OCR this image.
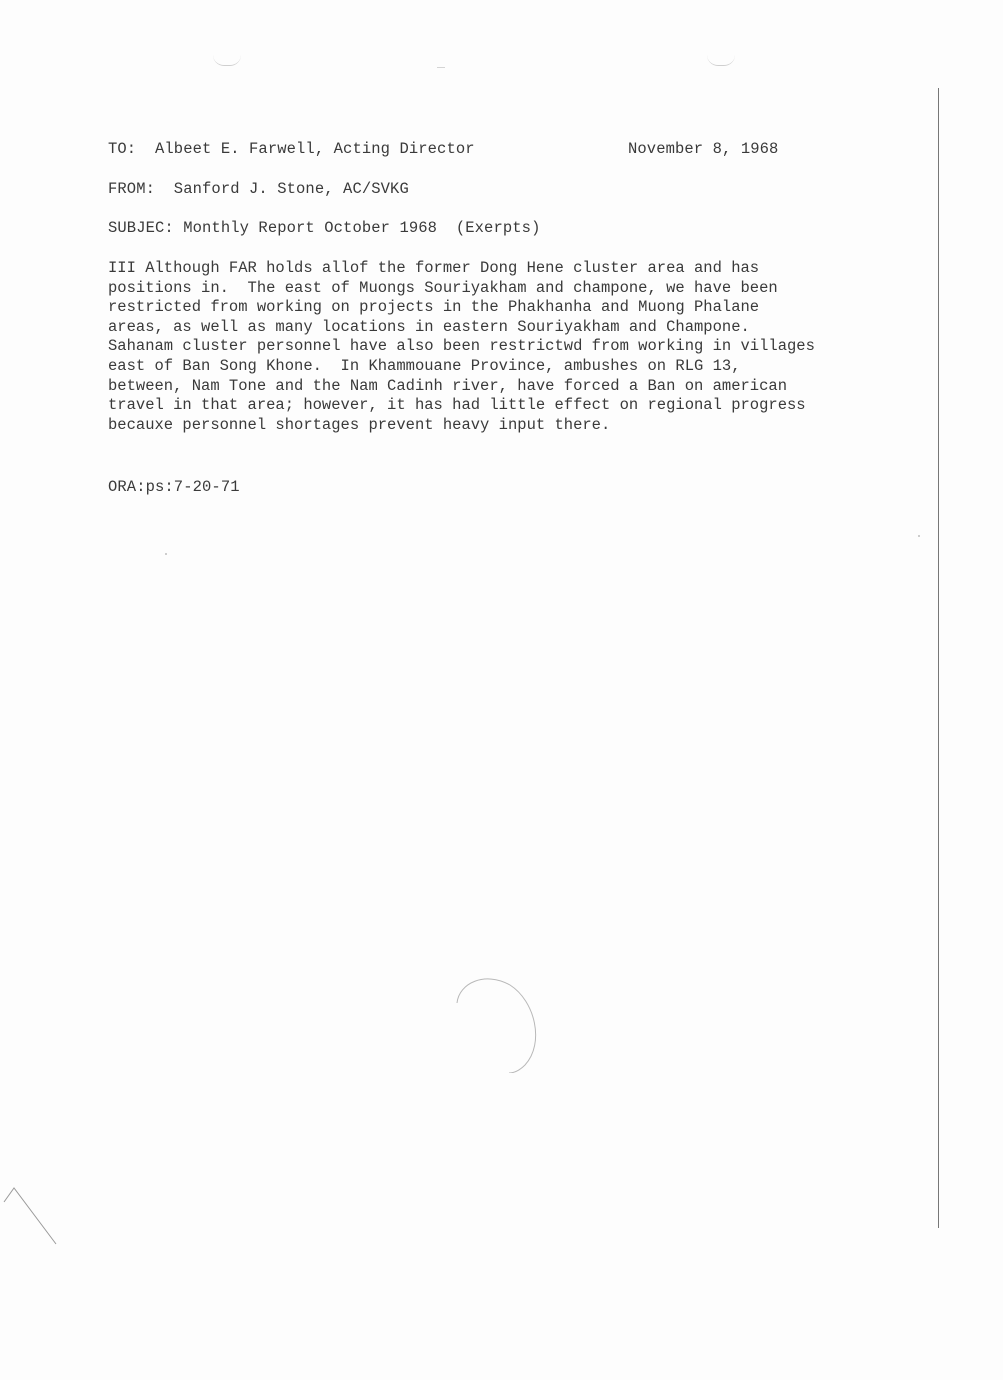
TO:  Albeet E. Farwell, Acting Director	November 8, 1968
FROM:  Sanford J. Stone, AC/SVKG
SUBJEC: Monthly Report October 1968  (Exerpts)
III Although FAR holds allof the former Dong Hene cluster area and has
positions in.  The east of Muongs Souriyakham and champone, we have been
restricted from working on projects in the Phakhanha and Muong Phalane
areas, as well as many locations in eastern Souriyakham and Champone.
Sahanam cluster personnel have also been restrictwd from working in villages
east of Ban Song Khone.  In Khammouane Province, ambushes on RLG 13,
between, Nam Tone and the Nam Cadinh river, have forced a Ban on american
travel in that area; however, it has had little effect on regional progress
becauxe personnel shortages prevent heavy input there.
ORA:ps:7-20-71
